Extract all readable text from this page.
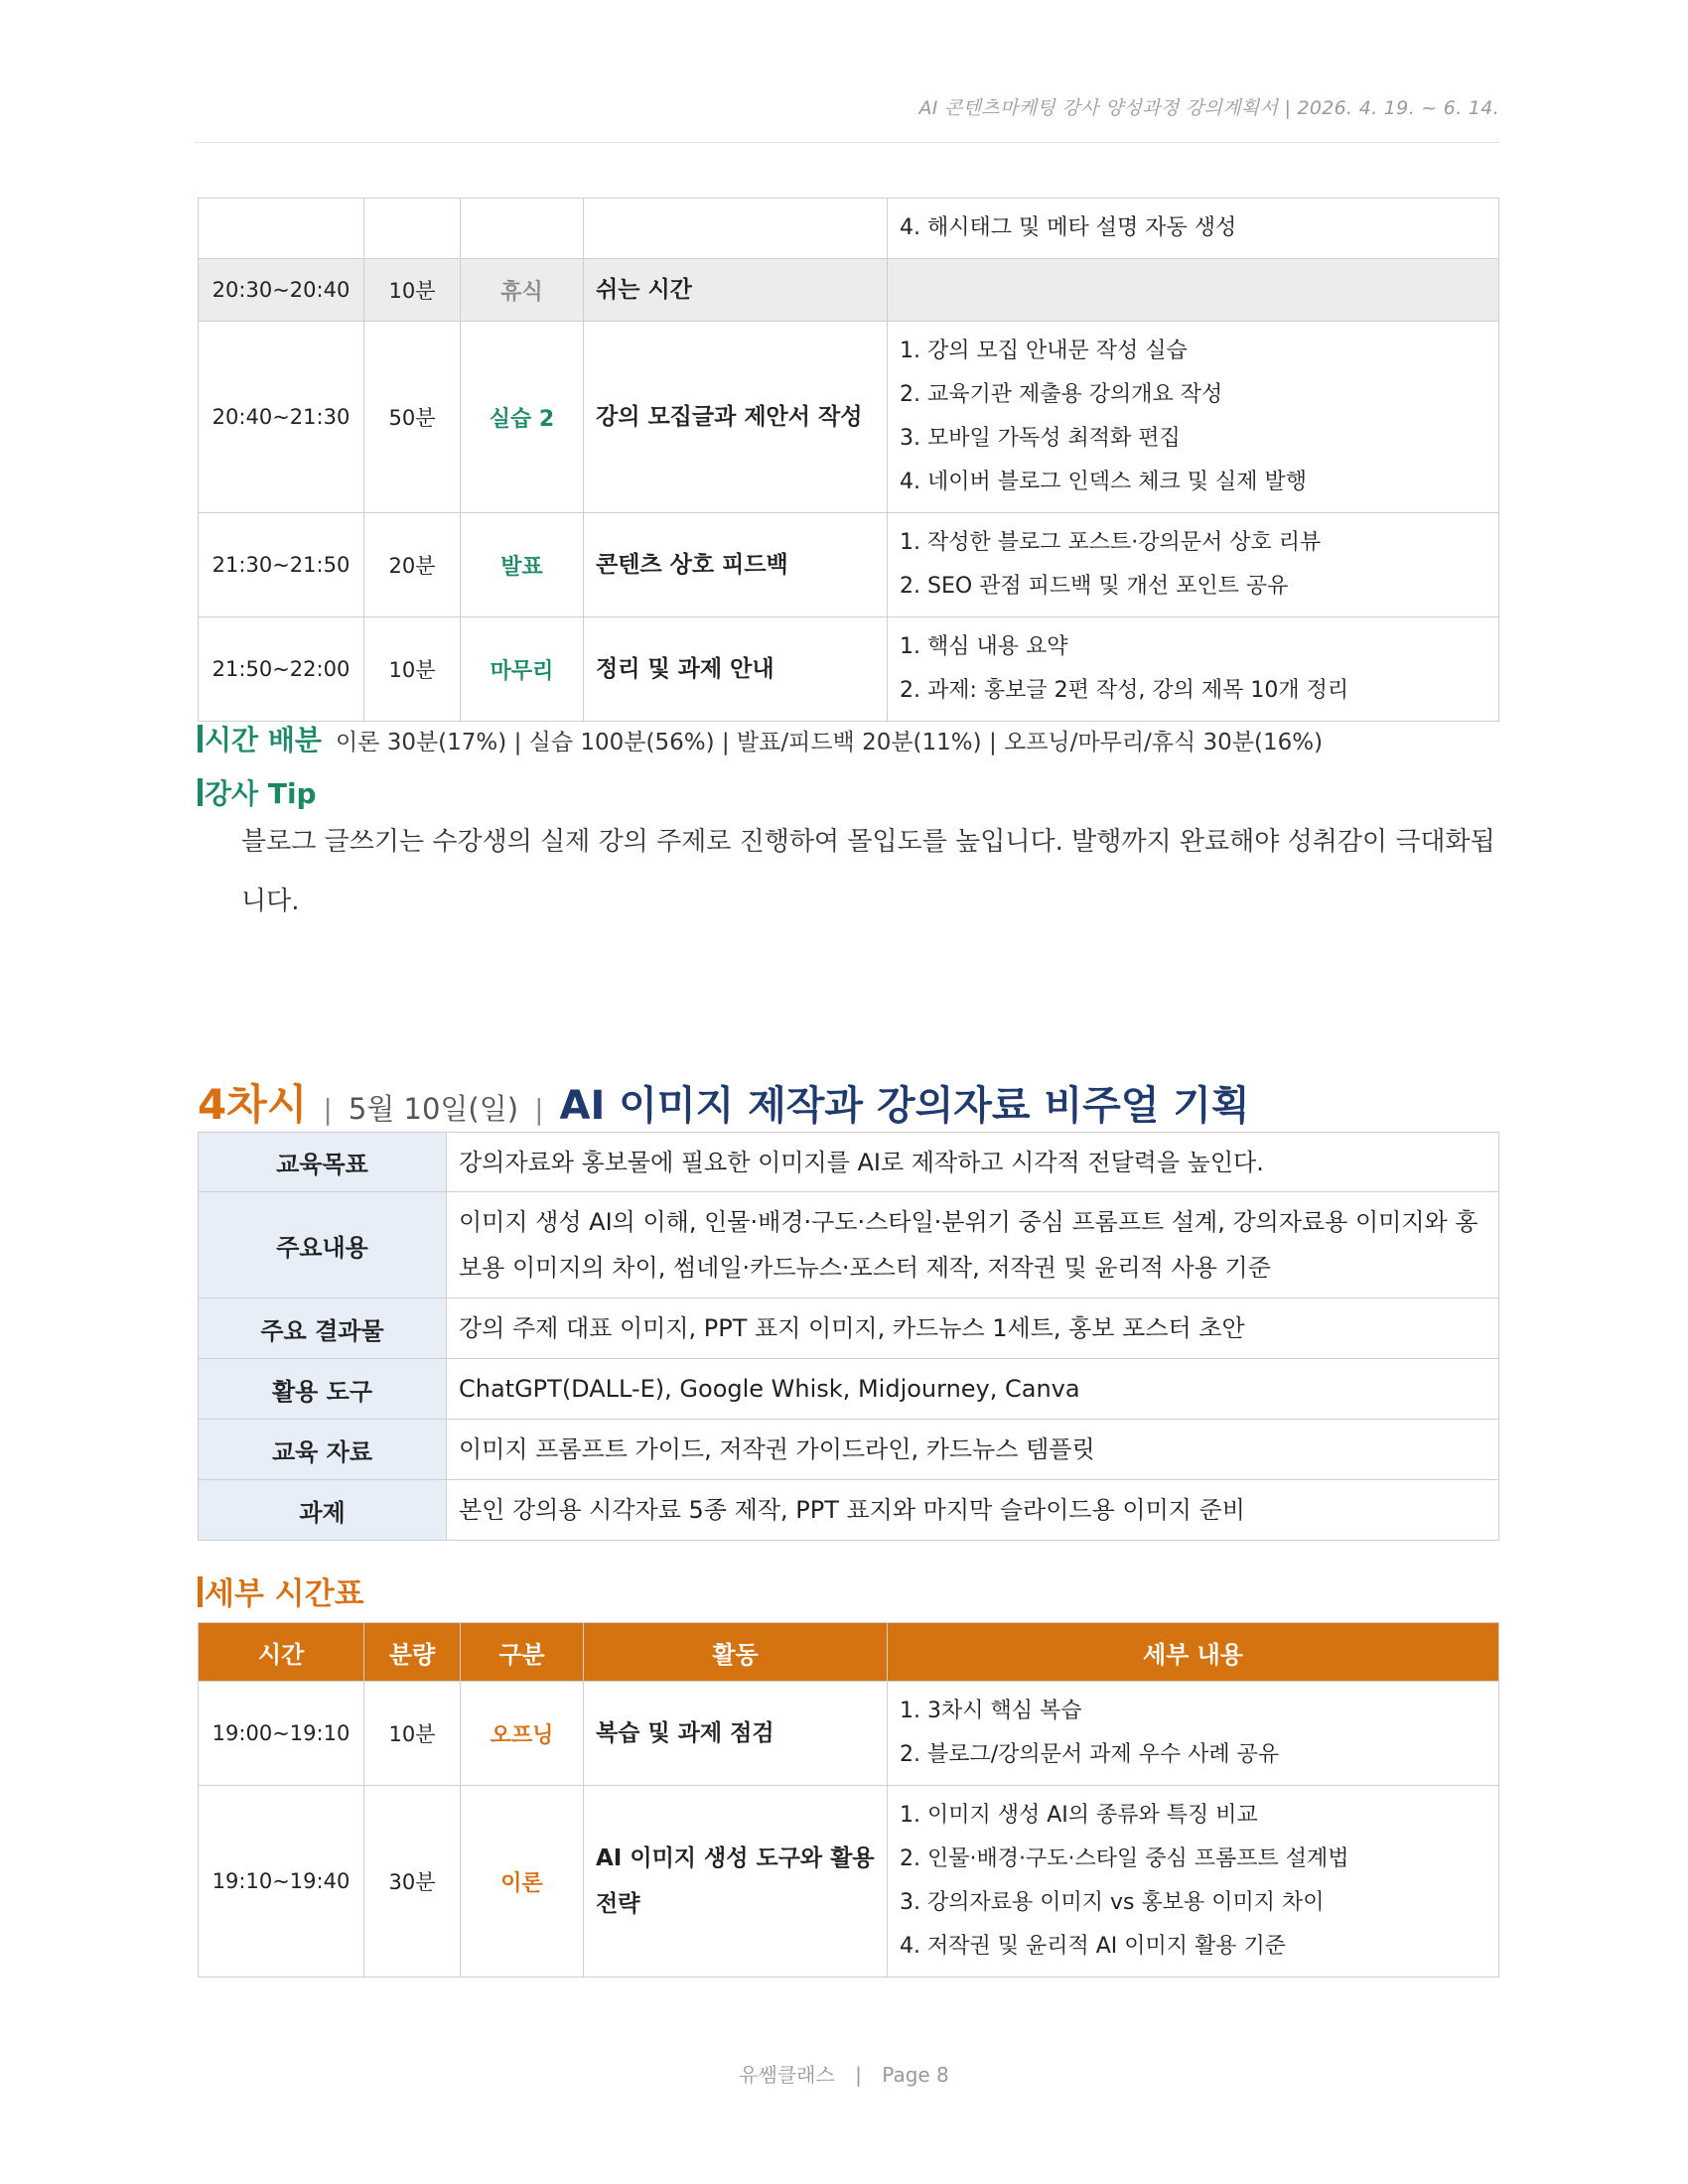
AI 콘텐츠마케팅 강사 양성과정 강의계획서 | 2026. 4. 19. ~ 6. 14.

				4. 해시태그 및 메타 설명 자동 생성

20:30~20:40	10분	휴식	쉬는 시간	
20:40~21:30	50분	실습 2	강의 모집글과 제안서 작성	1. 강의 모집 안내문 작성 실습
2. 교육기관 제출용 강의개요 작성
3. 모바일 가독성 최적화 편집
4. 네이버 블로그 인덱스 체크 및 실제 발행

21:30~21:50	20분	발표	콘텐츠 상호 피드백	1. 작성한 블로그 포스트·강의문서 상호 리뷰
2. SEO 관점 피드백 및 개선 포인트 공유

21:50~22:00	10분	마무리	정리 및 과제 안내	1. 핵심 내용 요약
2. 과제: 홍보글 2편 작성, 강의 제목 10개 정리
시간 배분 이론 30분(17%) | 실습 100분(56%) | 발표/피드백 20분(11%) | 오프닝/마무리/휴식 30분(16%)
강사 Tip
블로그 글쓰기는 수강생의 실제 강의 주제로 진행하여 몰입도를 높입니다. 발행까지 완료해야 성취감이 극대화됩니다.
4차시 | 5월 10일(일) | AI 이미지 제작과 강의자료 비주얼 기획
교육목표	강의자료와 홍보물에 필요한 이미지를 AI로 제작하고 시각적 전달력을 높인다.
주요내용	이미지 생성 AI의 이해, 인물·배경·구도·스타일·분위기 중심 프롬프트 설계, 강의자료용 이미지와 홍보용 이미지의 차이, 썸네일·카드뉴스·포스터 제작, 저작권 및 윤리적 사용 기준
주요 결과물	강의 주제 대표 이미지, PPT 표지 이미지, 카드뉴스 1세트, 홍보 포스터 초안
활용 도구	ChatGPT(DALL-E), Google Whisk, Midjourney, Canva
교육 자료	이미지 프롬프트 가이드, 저작권 가이드라인, 카드뉴스 템플릿
과제	본인 강의용 시각자료 5종 제작, PPT 표지와 마지막 슬라이드용 이미지 준비
세부 시간표
시간	분량	구분	활동	세부 내용
19:00~19:10	10분	오프닝	복습 및 과제 점검	1. 3차시 핵심 복습
2. 블로그/강의문서 과제 우수 사례 공유

19:10~19:40	30분	이론	AI 이미지 생성 도구와 활용 전략	1. 이미지 생성 AI의 종류와 특징 비교
2. 인물·배경·구도·스타일 중심 프롬프트 설계법
3. 강의자료용 이미지 vs 홍보용 이미지 차이
4. 저작권 및 윤리적 AI 이미지 활용 기준
유쌤클래스 | Page 8
